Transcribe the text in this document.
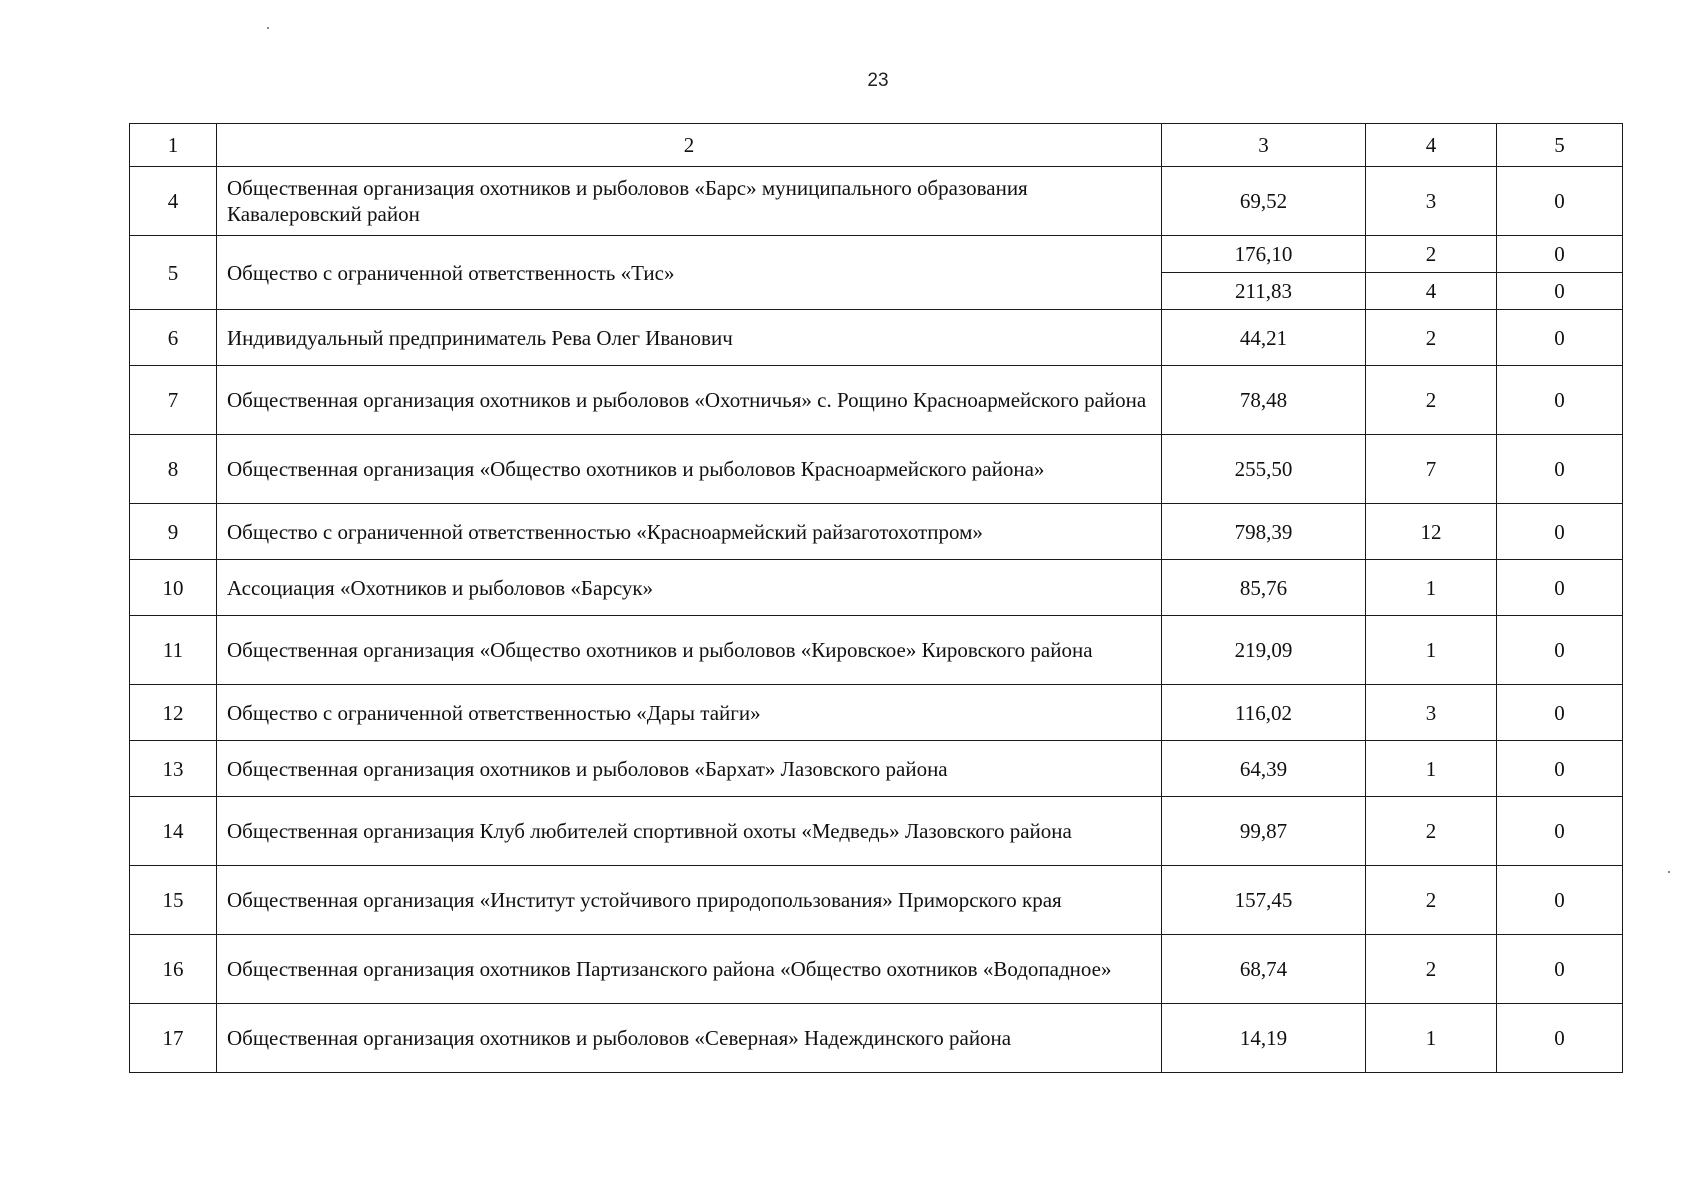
23
1	2	3	4	5
4	Общественная организация охотников и рыболовов «Барс» муниципального образования Кавалеровский район	69,52	3	0
5	Общество с ограниченной ответственность «Тис»	176,10	2	0
		211,83	4	0
6	Индивидуальный предприниматель Рева Олег Иванович	44,21	2	0
7	Общественная организация охотников и рыболовов «Охотничья» с. Рощино Красноармейского района	78,48	2	0
8	Общественная организация «Общество охотников и рыболовов Красноармейского района»	255,50	7	0
9	Общество с ограниченной ответственностью «Красноармейский райзаготохотпром»	798,39	12	0
10	Ассоциация «Охотников и рыболовов «Барсук»	85,76	1	0
11	Общественная организация «Общество охотников и рыболовов «Кировское» Кировского района	219,09	1	0
12	Общество с ограниченной ответственностью «Дары тайги»	116,02	3	0
13	Общественная организация охотников и рыболовов «Бархат» Лазовского района	64,39	1	0
14	Общественная организация Клуб любителей спортивной охоты «Медведь» Лазовского района	99,87	2	0
15	Общественная организация «Институт устойчивого природопользования» Приморского края	157,45	2	0
16	Общественная организация охотников Партизанского района «Общество охотников «Водопадное»	68,74	2	0
17	Общественная организация охотников и рыболовов «Северная» Надеждинского района	14,19	1	0
